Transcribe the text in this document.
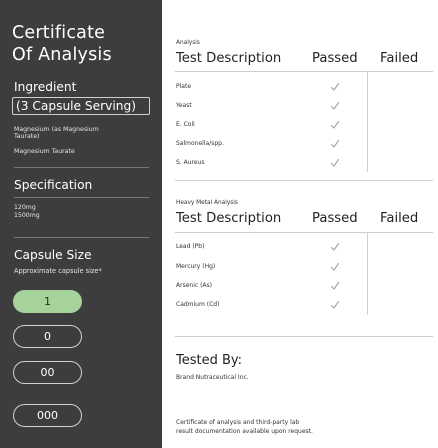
Certificate
Of Analysis
Ingredient
(3 Capsule Serving)
Magnesium (as Magnesium
Taurate)
Magnesium Taurate
Specification
120mg
1500mg
Capsule Size
Approximate capsule size*
1
0
00
000
Analysis
Test Description Passed Failed
Plate
Yeast
E. Coli
Salmonella/spp.
S. Aureus
Heavy Metal Analysis
Test Description Passed Failed
Lead (Pb)
Mercury (Hg)
Arsenic (As)
Cadmium (Cd)
Tested By:
Brand Nutraceutical Inc.
Certificate of analysis and third-party lab
result documentation available upon request.
